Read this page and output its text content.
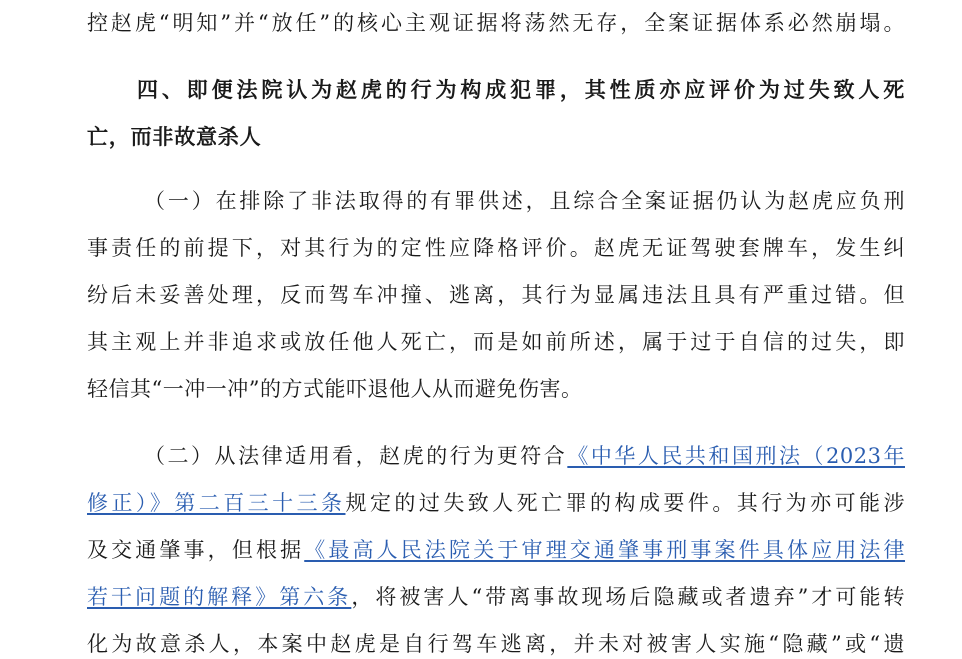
控赵虎“明知”并“放任”的核心主观证据将荡然无存，全案证据体系必然崩塌。
四、即便法院认为赵虎的行为构成犯罪，其性质亦应评价为过失致人死
亡，而非故意杀人
（一）在排除了非法取得的有罪供述，且综合全案证据仍认为赵虎应负刑
事责任的前提下，对其行为的定性应降格评价。赵虎无证驾驶套牌车，发生纠
纷后未妥善处理，反而驾车冲撞、逃离，其行为显属违法且具有严重过错。但
其主观上并非追求或放任他人死亡，而是如前所述，属于过于自信的过失，即
轻信其“一冲一冲”的方式能吓退他人从而避免伤害。
（二）从法律适用看，赵虎的行为更符合《中华人民共和国刑法（2023年
修正）》第二百三十三条规定的过失致人死亡罪的构成要件。其行为亦可能涉
及交通肇事，但根据《最高人民法院关于审理交通肇事刑事案件具体应用法律
若干问题的解释》第六条，将被害人“带离事故现场后隐藏或者遗弃”才可能转
化为故意杀人，本案中赵虎是自行驾车逃离，并未对被害人实施“隐藏”或“遗
